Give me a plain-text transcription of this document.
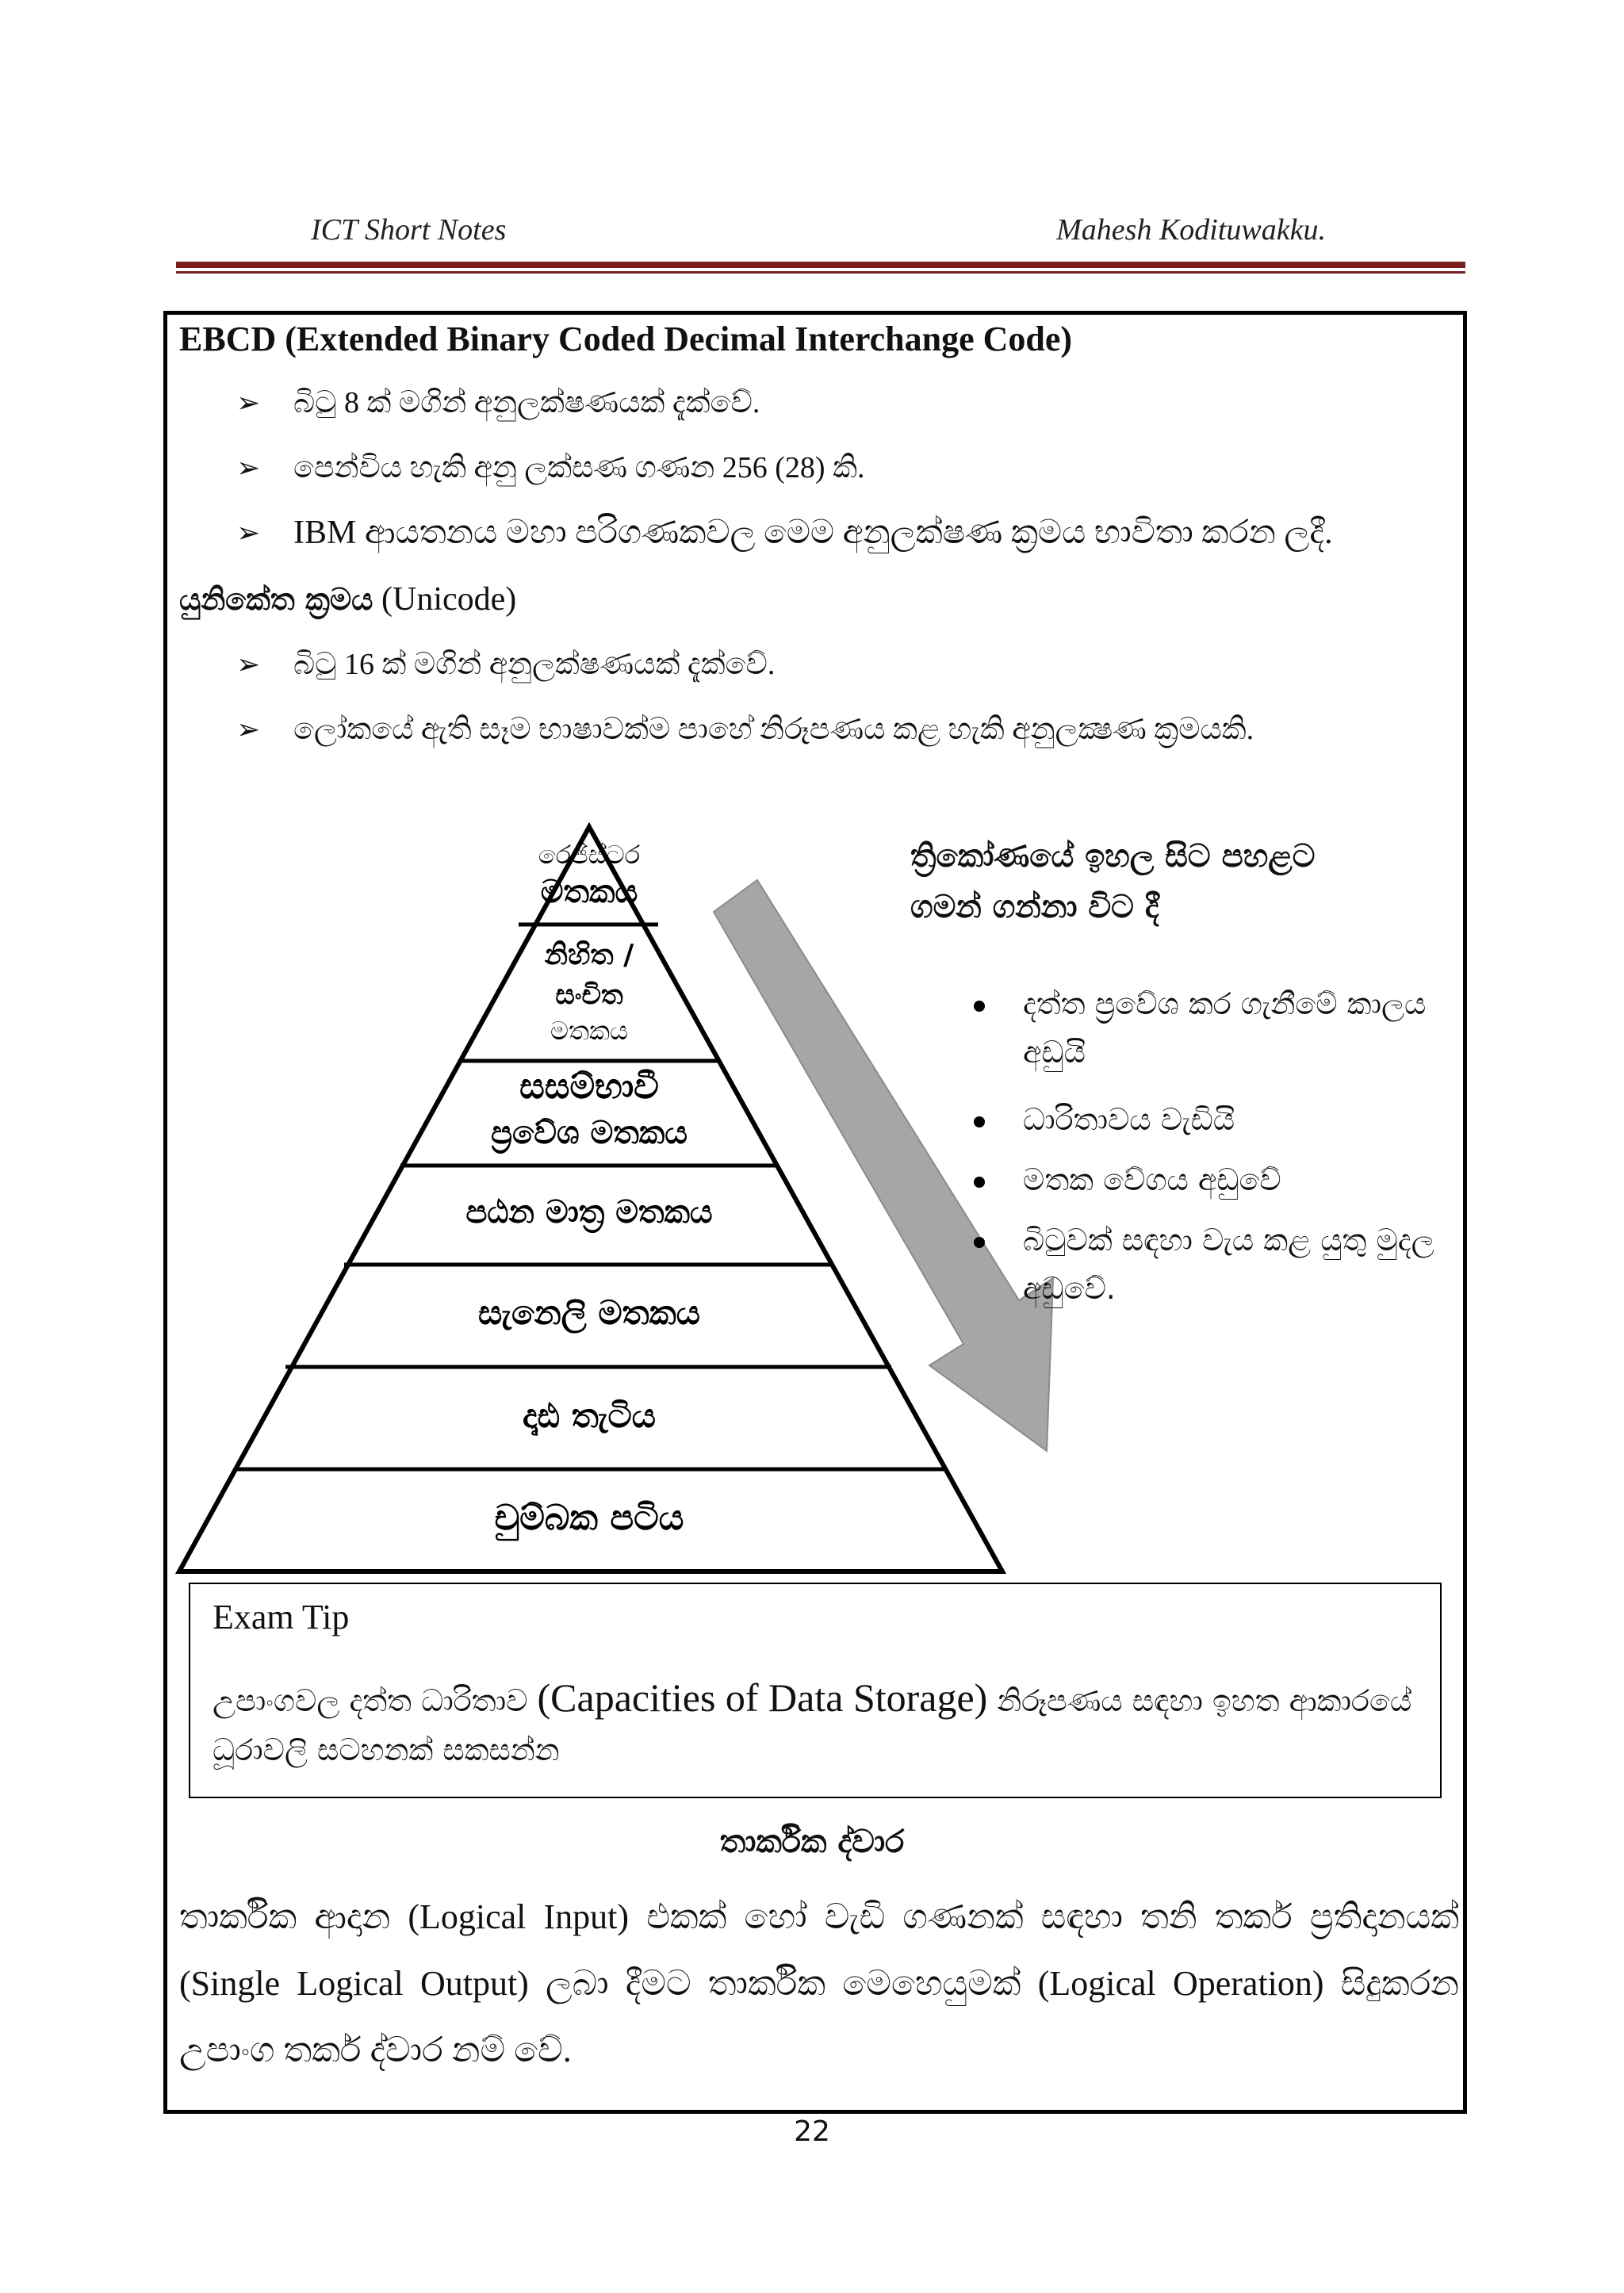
ICT Short Notes	Mahesh Kodituwakku.
EBCD (Extended Binary Coded Decimal Interchange Code)
➢ බිටු 8 ක් මගින් අනුලක්ෂණයක් දැක්වේ.
➢ පෙන්විය හැකි අනු ලක්සණ ගණන 256 (28) කි.
➢ IBM ආයතනය මහා පරිගණකවල මෙම අනුලක්ෂණ ක්‍රමය භාවිතා කරන ලදී.
යුනිකේත ක්‍රමය (Unicode)
➢ බිටු 16 ක් මගින් අනුලක්ෂණයක් දැක්වේ.
➢ ලෝකයේ ඇති සෑම භාෂාවක්ම පාහේ නිරූපණය කළ හැකි අනුලක්‍ෂණ ක්‍රමයකි.
රෙජිස්ටර
මතකය
නිහිත /
සංචිත
මතකය
සසම්භාවී
ප්‍රවේශ මතකය
පඨන මාත්‍ර මතකය
සැනෙලි මතකය
දෘඪ තැටිය
චුම්බක පටිය
ත්‍රිකෝණයේ ඉහල සිට පහළට
ගමන් ගන්නා විට දී
දත්ත ප්‍රවේශ කර ගැනීමේ කාලය අඩුයි
ධාරිතාවය වැඩියි
මතක වේගය අඩුවේ
බිටුවක් සඳහා වැය කළ යුතු මුදල අඩුවේ.
Exam Tip
උපාංගවල දත්ත ධාරිතාව (Capacities of Data Storage) නිරූපණය සඳහා ඉහත ආකාරයේ ධූරාවලි සටහනක් සකසන්න
තාර්කික ද්වාර
තාර්කික ආදාන (Logical Input) එකක් හෝ වැඩි ගණනක් සඳහා තනි තර්ක ප්‍රතිදානයක් (Single Logical Output) ලබා දීමට තාර්කික මෙහෙයුමක් (Logical Operation) සිදුකරන උපාංග තර්ක ද්වාර නම් වේ.
22
